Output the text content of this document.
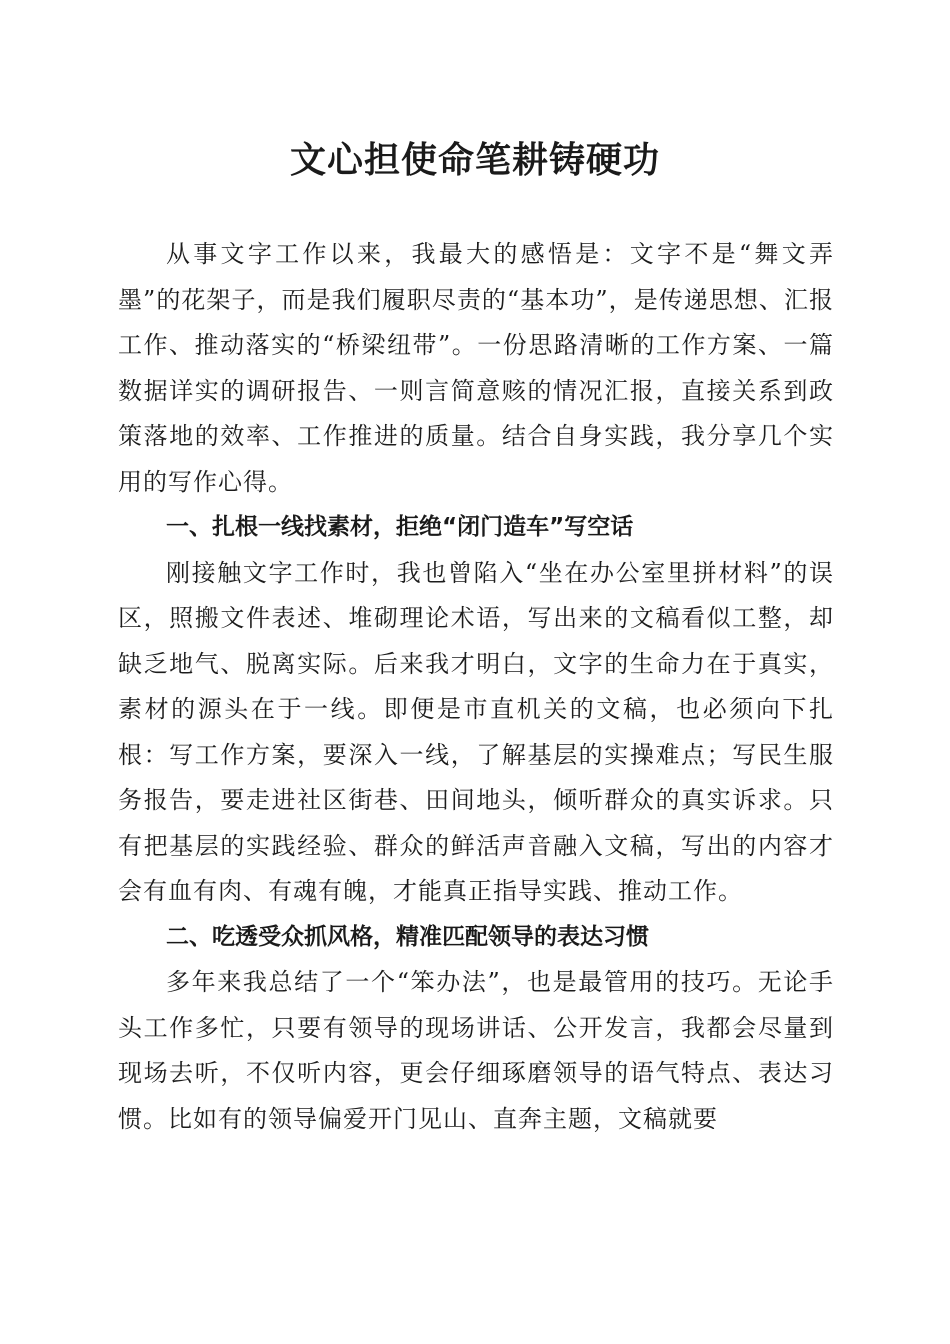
文心担使命笔耕铸硬功

从事文字工作以来，我最大的感悟是：文字不是“舞文弄墨”的花架子，而是我们履职尽责的“基本功”，是传递思想、汇报工作、推动落实的“桥梁纽带”。一份思路清晰的工作方案、一篇数据详实的调研报告、一则言简意赅的情况汇报，直接关系到政策落地的效率、工作推进的质量。结合自身实践，我分享几个实用的写作心得。

一、扎根一线找素材，拒绝“闭门造车”写空话

刚接触文字工作时，我也曾陷入“坐在办公室里拼材料”的误区，照搬文件表述、堆砌理论术语，写出来的文稿看似工整，却缺乏地气、脱离实际。后来我才明白，文字的生命力在于真实，素材的源头在于一线。即便是市直机关的文稿，也必须向下扎根：写工作方案，要深入一线，了解基层的实操难点；写民生服务报告，要走进社区街巷、田间地头，倾听群众的真实诉求。只有把基层的实践经验、群众的鲜活声音融入文稿，写出的内容才会有血有肉、有魂有魄，才能真正指导实践、推动工作。

二、吃透受众抓风格，精准匹配领导的表达习惯

多年来我总结了一个“笨办法”，也是最管用的技巧。无论手头工作多忙，只要有领导的现场讲话、公开发言，我都会尽量到现场去听，不仅听内容，更会仔细琢磨领导的语气特点、表达习惯。比如有的领导偏爱开门见山、直奔主题，文稿就要
